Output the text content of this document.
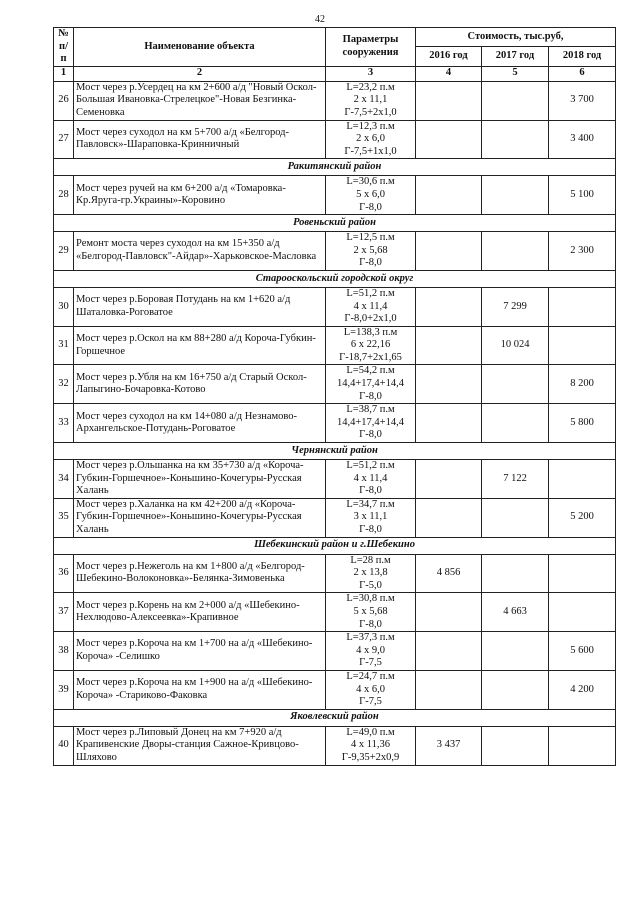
42
№ п/п	Наименование объекта	Параметры сооружения	Стоимость, тыс.руб,		
			2016 год	2017 год	2018 год
1	2	3	4	5	6
26	Мост через р.Усердец на км 2+600 а/д "Новый Оскол-Большая Ивановка-Стрелецкое"-Новая Безгинка-Семеновка	L=23,2 п.м
2 х 11,1
Г-7,5+2х1,0			3 700
27	Мост через суходол на км 5+700 а/д «Белгород-Павловск»-Шараповка-Кринничный	L=12,3 п.м
2 х 6,0
Г-7,5+1х1,0			3 400
Ракитянский район					
28	Мост через ручей на км 6+200 а/д «Томаровка-Кр.Яруга-гр.Украины»-Коровино	L=30,6 п.м
5 х 6,0
Г-8,0			5 100
Ровеньский район					
29	Ремонт моста через суходол на км 15+350 а/д «Белгород-Павловск"-Айдар»-Харьковское-Масловка	L=12,5 п.м
2 х 5,68
Г-8,0			2 300
Старооскольский городской округ					
30	Мост через р.Боровая Потудань на км 1+620 а/д Шаталовка-Роговатое	L=51,2 п.м
4 х 11,4
Г-8,0+2х1,0		7 299	
31	Мост через р.Оскол на км 88+280 а/д Короча-Губкин-Горшечное	L=138,3 п.м
6 х 22,16
Г-18,7+2х1,65		10 024	
32	Мост через р.Убля на км 16+750 а/д Старый Оскол-Лапыгино-Бочаровка-Котово	L=54,2 п.м
14,4+17,4+14,4
Г-8,0			8 200
33	Мост через суходол на км 14+080 а/д Незнамово-Архангельское-Потудань-Роговатое	L=38,7 п.м
14,4+17,4+14,4
Г-8,0			5 800
Чернянский район					
34	Мост через р.Ольшанка на км 35+730 а/д «Короча-Губкин-Горшечное»-Коньшино-Кочегуры-Русская Халань	L=51,2 п.м
4 х 11,4
Г-8,0		7 122	
35	Мост через р.Халанка на км 42+200 а/д «Короча-Губкин-Горшечное»-Коньшино-Кочегуры-Русская Халань	L=34,7 п.м
3 х 11,1
Г-8,0			5 200
Шебекинский район и г.Шебекино					
36	Мост через р.Нежеголь на км 1+800 а/д «Белгород-Шебекино-Волоконовка»-Белянка-Зимовенька	L=28 п.м
2 х 13,8
Г-5,0	4 856		
37	Мост через р.Корень на км 2+000 а/д «Шебекино-Нехлюдово-Алексеевка»-Крапивное	L=30,8 п.м
5 х 5,68
Г-8,0		4 663	
38	Мост через р.Короча на км 1+700 на а/д «Шебекино-Короча» -Селишко	L=37,3 п.м
4 х 9,0
Г-7,5			5 600
39	Мост через р.Короча на км 1+900 на а/д «Шебекино-Короча» -Стариково-Факовка	L=24,7 п.м
4 х 6,0
Г-7,5			4 200
Яковлевский район					
40	Мост через р.Липовый Донец на км 7+920 а/д Крапивенские Дворы-станция Сажное-Кривцово- Шляхово	L=49,0 п.м
4 х 11,36
Г-9,35+2х0,9	3 437		
